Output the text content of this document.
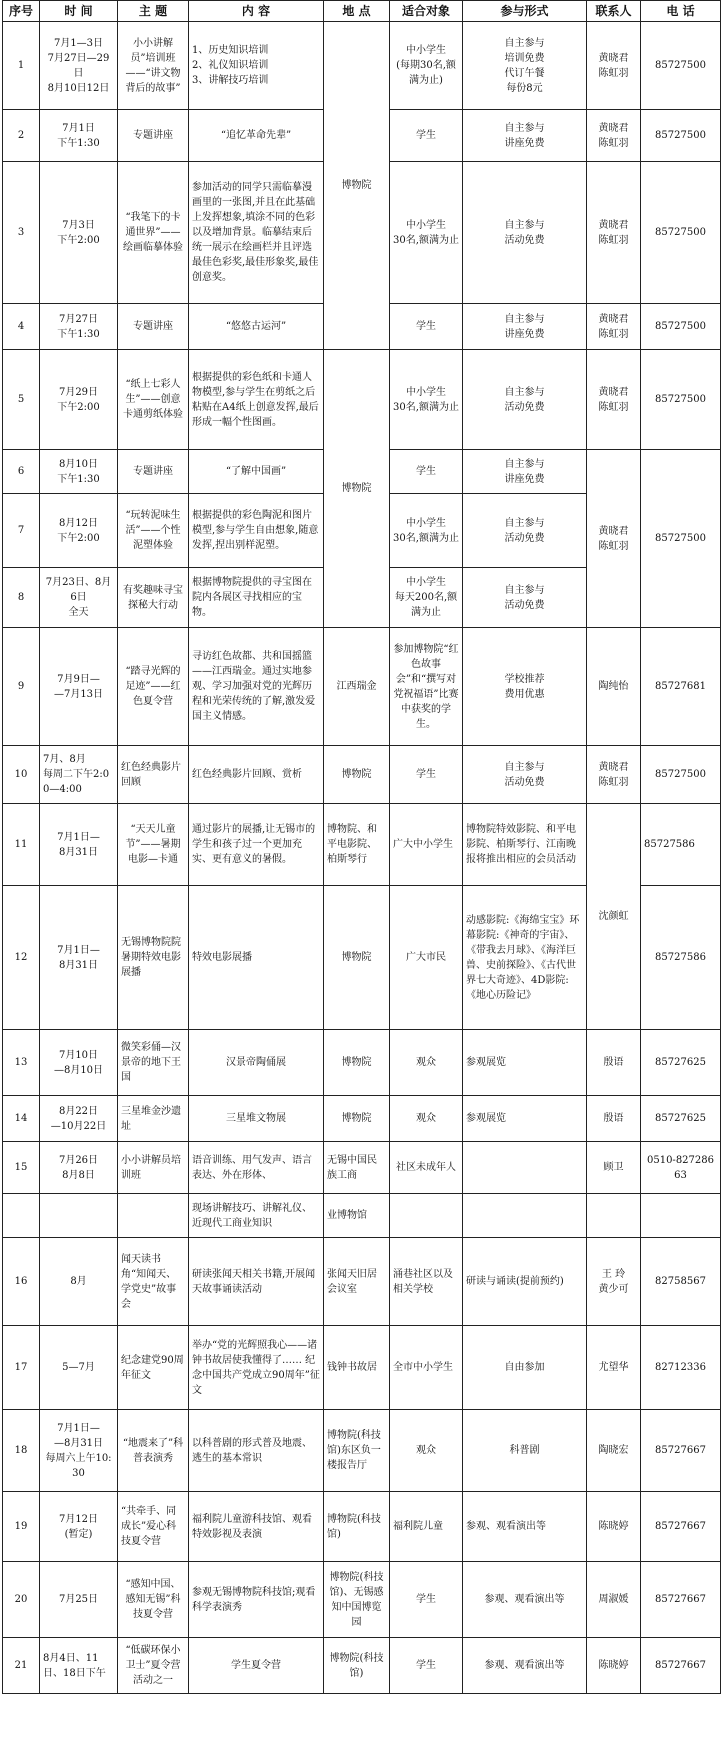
序号	时 间	主 题	内 容	地 点	适合对象	参与形式	联系人	电 话
1	7月1—3日
7月27日—29日
8月10日12日	小小讲解员”培训班——“讲文物背后的故事”	1、历史知识培训
2、礼仪知识培训
3、讲解技巧培训	博物院	中小学生
(每期30名,额满为止)	自主参与
培训免费
代订午餐
每份8元	黄晓君
陈虹羽	85727500
2	7月1日
下午1:30	专题讲座	“追忆革命先辈”		学生	自主参与
讲座免费	黄晓君
陈虹羽	85727500
3	7月3日
下午2:00	“我笔下的卡通世界”——绘画临摹体验	参加活动的同学只需临摹漫画里的一张图,并且在此基础上发挥想象,填涂不同的色彩以及增加背景。临摹结束后统一展示在绘画栏并且评选最佳色彩奖,最佳形象奖,最佳创意奖。		中小学生
30名,额满为止	自主参与
活动免费	黄晓君
陈虹羽	85727500
4	7月27日
下午1:30	专题讲座	“悠悠古运河”		学生	自主参与
讲座免费	黄晓君
陈虹羽	85727500
5	7月29日
下午2:00	“纸上七彩人生”——创意卡通剪纸体验	根据提供的彩色纸和卡通人物模型,参与学生在剪纸之后粘贴在A4纸上创意发挥,最后形成一幅个性图画。	博物院	中小学生
30名,额满为止	自主参与
活动免费	黄晓君
陈虹羽	85727500
6	8月10日
下午1:30	专题讲座	“了解中国画”		学生	自主参与
讲座免费	黄晓君
陈虹羽	85727500
7	8月12日
下午2:00	“玩转泥味生活”——个性泥塑体验	根据提供的彩色陶泥和图片模型,参与学生自由想象,随意发挥,捏出别样泥塑。		中小学生
30名,额满为止	自主参与
活动免费		
8	7月23日、8月6日
全天	有奖趣味寻宝探秘大行动	根据博物院提供的寻宝图在院内各展区寻找相应的宝物。		中小学生
每天200名,额满为止	自主参与
活动免费		
9	7月9日—
—7月13日	“踏寻光辉的足迹”——红色夏令营	寻访红色故都、共和国摇篮——江西瑞金。通过实地参观、学习加强对党的光辉历程和光荣传统的了解,激发爱国主义情感。	江西瑞金	参加博物院“红色故事会”和“撰写对党祝福语”比赛中获奖的学生。	学校推荐
费用优惠	陶纯怡	85727681
10	7月、8月
每周二下午2:00—4:00	红色经典影片回顾	红色经典影片回顾、赏析	博物院	学生	自主参与
活动免费	黄晓君
陈虹羽	85727500
11	7月1日—
8月31日	“天天儿童节”——暑期电影—卡通	通过影片的展播,让无锡市的学生和孩子过一个更加充实、更有意义的暑假。	博物院、和平电影院、柏斯琴行	广大中小学生	博物院特效影院、和平电影院、柏斯琴行、江南晚报将推出相应的会员活动	沈颜虹	85727586
12	7月1日—
8月31日	无锡博物院院暑期特效电影展播	特效电影展播	博物院	广大市民	动感影院:《海绵宝宝》环幕影院:《神奇的宇宙》、《带我去月球》、《海洋巨兽、史前探险》、《古代世界七大奇迹》、4D影院:《地心历险记》		85727586
13	7月10日
—8月10日	微笑彩俑—汉景帝的地下王国	汉景帝陶俑展	博物院	观众	参观展览	殷语	85727625
14	8月22日
—10月22日	三星堆金沙遗址	三星堆文物展	博物院	观众	参观展览	殷语	85727625
15	7月26日
8月8日	小小讲解员培训班	语音训练、用气发声、语言表达、外在形体、	无锡中国民族工商	社区未成年人		顾卫	0510-82728663
			现场讲解技巧、讲解礼仪、近现代工商业知识	业博物馆				
16	8月	闻天读书角“知闻天、学党史”故事会	研读张闻天相关书籍,开展闻天故事诵读活动	张闻天旧居会议室	涌巷社区以及相关学校	研读与诵读(提前预约)	王 玲
黄少可	82758567
17	5—7月	纪念建党90周年征文	举办“党的光辉照我心——诸钟书故居使我懂得了…… 纪念中国共产党成立90周年”征文	钱钟书故居	全市中小学生	自由参加	尤望华	82712336
18	7月1日—
—8月31日
每周六上午10:30	“地震来了”科普表演秀	以科普剧的形式普及地震、逃生的基本常识	博物院(科技馆)东区负一楼报告厅	观众	科普剧	陶晓宏	85727667
19	7月12日
(暂定)	“共牵手、同成长”爱心科技夏令营	福利院儿童游科技馆、观看特效影视及表演	博物院(科技馆)	福利院儿童	参观、观看演出等	陈晓婷	85727667
20	7月25日	“感知中国、感知无锡”科技夏令营	参观无锡博物院科技馆;观看科学表演秀	博物院(科技馆)、无锡感知中国博览园	学生	参观、观看演出等	周淑媛	85727667
21	8月4日、11日、18日下午	“低碳环保小卫士”夏令营活动之一	学生夏令营	博物院(科技馆)	学生	参观、观看演出等	陈晓婷	85727667
